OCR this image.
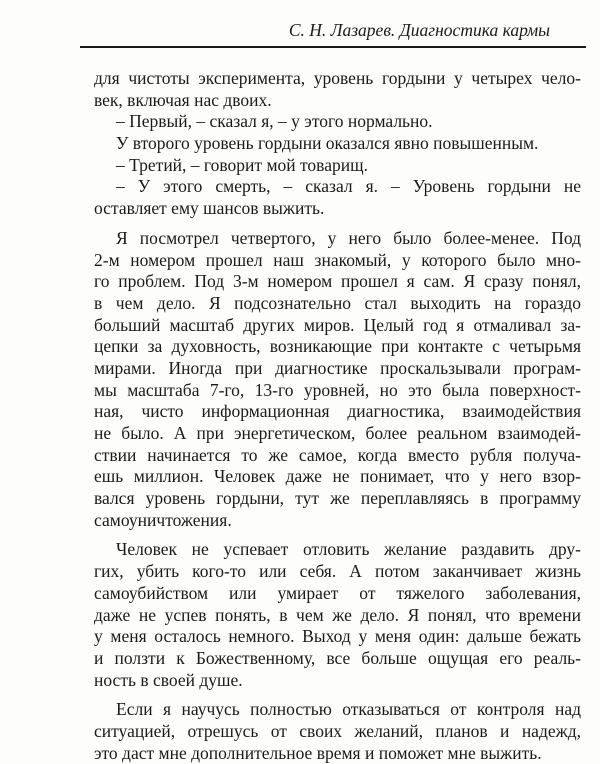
С. Н. Лазарев. Диагностика кармы
для чистоты эксперимента, уровень гордыни у четырех чело-
век, включая нас двоих.
– Первый, – сказал я, – у этого нормально.
У второго уровень гордыни оказался явно повышенным.
– Третий, – говорит мой товарищ.
– У этого смерть, – сказал я. – Уровень гордыни не
оставляет ему шансов выжить.
Я посмотрел четвертого, у него было более-менее. Под
2-м номером прошел наш знакомый, у которого было мно-
го проблем. Под 3-м номером прошел я сам. Я сразу понял,
в чем дело. Я подсознательно стал выходить на гораздо
больший масштаб других миров. Целый год я отмаливал за-
цепки за духовность, возникающие при контакте с четырьмя
мирами. Иногда при диагностике проскальзывали програм-
мы масштаба 7-го, 13-го уровней, но это была поверхност-
ная, чисто информационная диагностика, взаимодействия
не было. А при энергетическом, более реальном взаимодей-
ствии начинается то же самое, когда вместо рубля получа-
ешь миллион. Человек даже не понимает, что у него взор-
вался уровень гордыни, тут же переплавляясь в программу
самоуничтожения.
Человек не успевает отловить желание раздавить дру-
гих, убить кого-то или себя. А потом заканчивает жизнь
самоубийством или умирает от тяжелого заболевания,
даже не успев понять, в чем же дело. Я понял, что времени
у меня осталось немного. Выход у меня один: дальше бежать
и ползти к Божественному, все больше ощущая его реаль-
ность в своей душе.
Если я научусь полностью отказываться от контроля над
ситуацией, отрешусь от своих желаний, планов и надежд,
это даст мне дополнительное время и поможет мне выжить.
